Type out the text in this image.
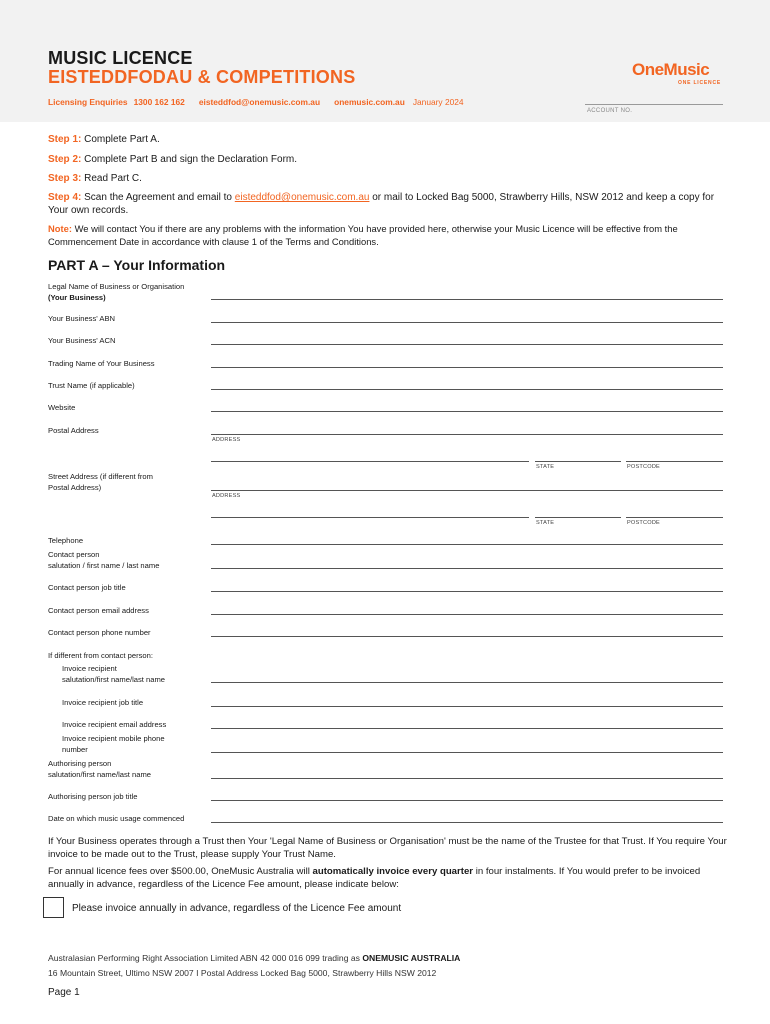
MUSIC LICENCE
EISTEDDFODAU & COMPETITIONS
Licensing Enquiries 1300 162 162 eisteddfod@onemusic.com.au onemusic.com.au January 2024
OneMusic
ONE LICENCE
ACCOUNT NO.
Step 1: Complete Part A.
Step 2: Complete Part B and sign the Declaration Form.
Step 3: Read Part C.
Step 4: Scan the Agreement and email to eisteddfod@onemusic.com.au or mail to Locked Bag 5000, Strawberry Hills, NSW 2012 and keep a copy for Your own records.
Note: We will contact You if there are any problems with the information You have provided here, otherwise your Music Licence will be effective from the Commencement Date in accordance with clause 1 of the Terms and Conditions.
PART A – Your Information
Legal Name of Business or Organisation
(Your Business)
Your Business' ABN
Your Business' ACN
Trading Name of Your Business
Trust Name (if applicable)
Website
Postal Address
ADDRESS
STATE	POSTCODE
Street Address (if different from
Postal Address)
ADDRESS
STATE	POSTCODE
Telephone
Contact person
salutation / first name / last name
Contact person job title
Contact person email address
Contact person phone number
If different from contact person:
Invoice recipient
salutation/first name/last name
Invoice recipient job title
Invoice recipient email address
Invoice recipient mobile phone
number
Authorising person
salutation/first name/last name
Authorising person job title
Date on which music usage commenced
If Your Business operates through a Trust then Your 'Legal Name of Business or Organisation' must be the name of the Trustee for that Trust. If You require Your invoice to be made out to the Trust, please supply Your Trust Name.
For annual licence fees over $500.00, OneMusic Australia will automatically invoice every quarter in four instalments. If You would prefer to be invoiced annually in advance, regardless of the Licence Fee amount, please indicate below:
Please invoice annually in advance, regardless of the Licence Fee amount
Australasian Performing Right Association Limited ABN 42 000 016 099 trading as ONEMUSIC AUSTRALIA
16 Mountain Street, Ultimo NSW 2007 I Postal Address Locked Bag 5000, Strawberry Hills NSW 2012
Page 1
